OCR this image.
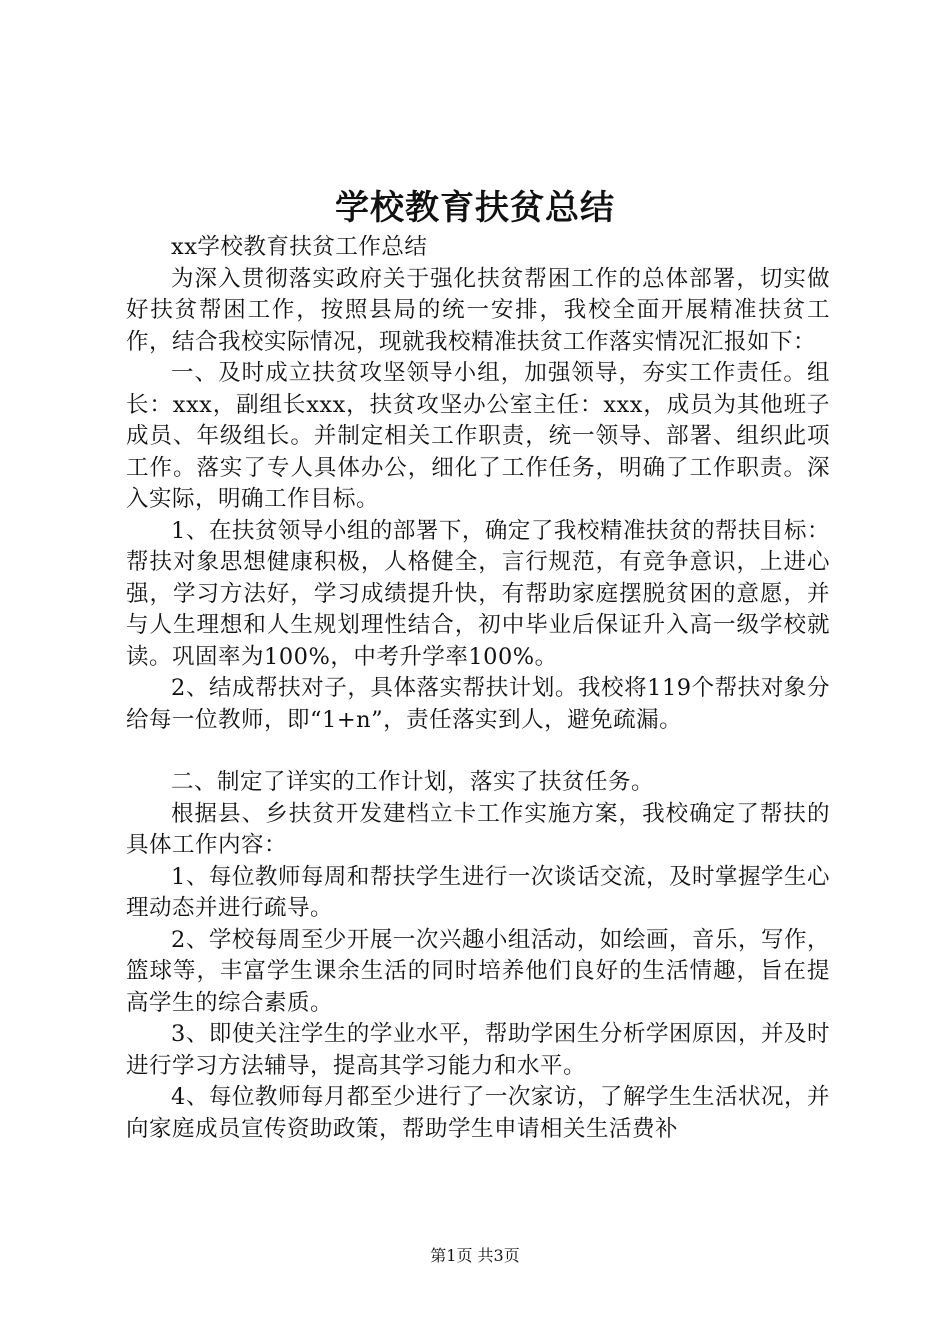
学校教育扶贫总结

xx学校教育扶贫工作总结

为深入贯彻落实政府关于强化扶贫帮困工作的总体部署，切实做好扶贫帮困工作，按照县局的统一安排，我校全面开展精准扶贫工作，结合我校实际情况，现就我校精准扶贫工作落实情况汇报如下：

一、及时成立扶贫攻坚领导小组，加强领导，夯实工作责任。组长：xxx，副组长xxx，扶贫攻坚办公室主任：xxx，成员为其他班子成员、年级组长。并制定相关工作职责，统一领导、部署、组织此项工作。落实了专人具体办公，细化了工作任务，明确了工作职责。深入实际，明确工作目标。

1、在扶贫领导小组的部署下，确定了我校精准扶贫的帮扶目标：帮扶对象思想健康积极，人格健全，言行规范，有竞争意识，上进心强，学习方法好，学习成绩提升快，有帮助家庭摆脱贫困的意愿，并与人生理想和人生规划理性结合，初中毕业后保证升入高一级学校就读。巩固率为100%，中考升学率100%。

2、结成帮扶对子，具体落实帮扶计划。我校将119个帮扶对象分给每一位教师，即“1+n”，责任落实到人，避免疏漏。

二、制定了详实的工作计划，落实了扶贫任务。

根据县、乡扶贫开发建档立卡工作实施方案，我校确定了帮扶的具体工作内容：

1、每位教师每周和帮扶学生进行一次谈话交流，及时掌握学生心理动态并进行疏导。

2、学校每周至少开展一次兴趣小组活动，如绘画，音乐，写作，篮球等，丰富学生课余生活的同时培养他们良好的生活情趣，旨在提高学生的综合素质。

3、即使关注学生的学业水平，帮助学困生分析学困原因，并及时进行学习方法辅导，提高其学习能力和水平。

4、每位教师每月都至少进行了一次家访，了解学生生活状况，并向家庭成员宣传资助政策，帮助学生申请相关生活费补

第1页 共3页
